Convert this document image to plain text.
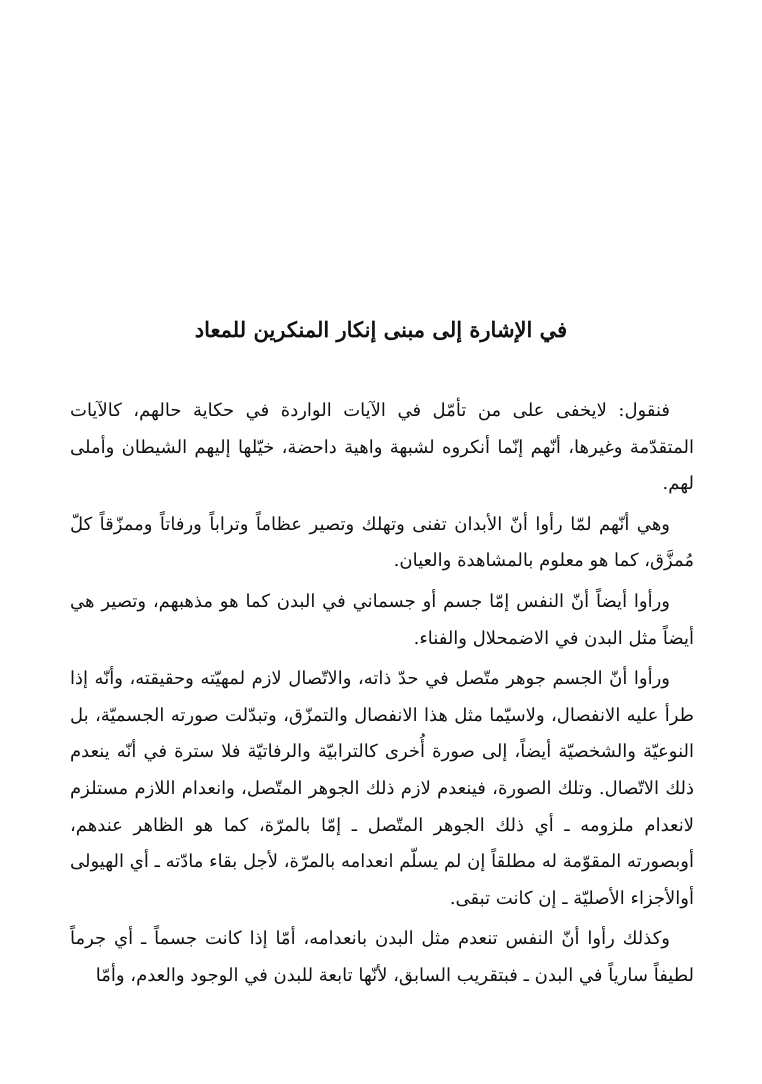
في الإشارة إلى مبنى إنكار المنكرين للمعاد

فنقول: لايخفى على من تأمّل في الآيات الواردة في حكاية حالهم، كالآيات المتقدّمة وغيرها، أنّهم إنّما أنكروه لشبهة واهية داحضة، خيّلها إليهم الشيطان وأملى لهم.

وهي أنّهم لمّا رأوا أنّ الأبدان تفنى وتهلك وتصير عظاماً وتراباً ورفاتاً وممزّقاً كلّ مُمزَّق، كما هو معلوم بالمشاهدة والعيان.

ورأوا أيضاً أنّ النفس إمّا جسم أو جسماني في البدن كما هو مذهبهم، وتصير هي أيضاً مثل البدن في الاضمحلال والفناء.

ورأوا أنّ الجسم جوهر متّصل في حدّ ذاته، والاتّصال لازم لمهيّته وحقيقته، وأنّه إذا طرأ عليه الانفصال، ولاسيّما مثل هذا الانفصال والتمزّق، وتبدّلت صورته الجسميّة، بل النوعيّة والشخصيّة أيضاً، إلى صورة أُخرى كالترابيّة والرفاتيّة فلا سترة في أنّه ينعدم ذلك الاتّصال. وتلك الصورة، فينعدم لازم ذلك الجوهر المتّصل، وانعدام اللازم مستلزم لانعدام ملزومه ـ أي ذلك الجوهر المتّصل ـ إمّا بالمرّة، كما هو الظاهر عندهم، أوبصورته المقوّمة له مطلقاً إن لم يسلّم انعدامه بالمرّة، لأجل بقاء مادّته ـ أي الهيولى أوالأجزاء الأصليّة ـ إن كانت تبقى.

وكذلك رأوا أنّ النفس تنعدم مثل البدن بانعدامه، أمّا إذا كانت جسماً ـ أي جرماً لطيفاً سارياً في البدن ـ فبتقريب السابق، لأنّها تابعة للبدن في الوجود والعدم، وأمّا
